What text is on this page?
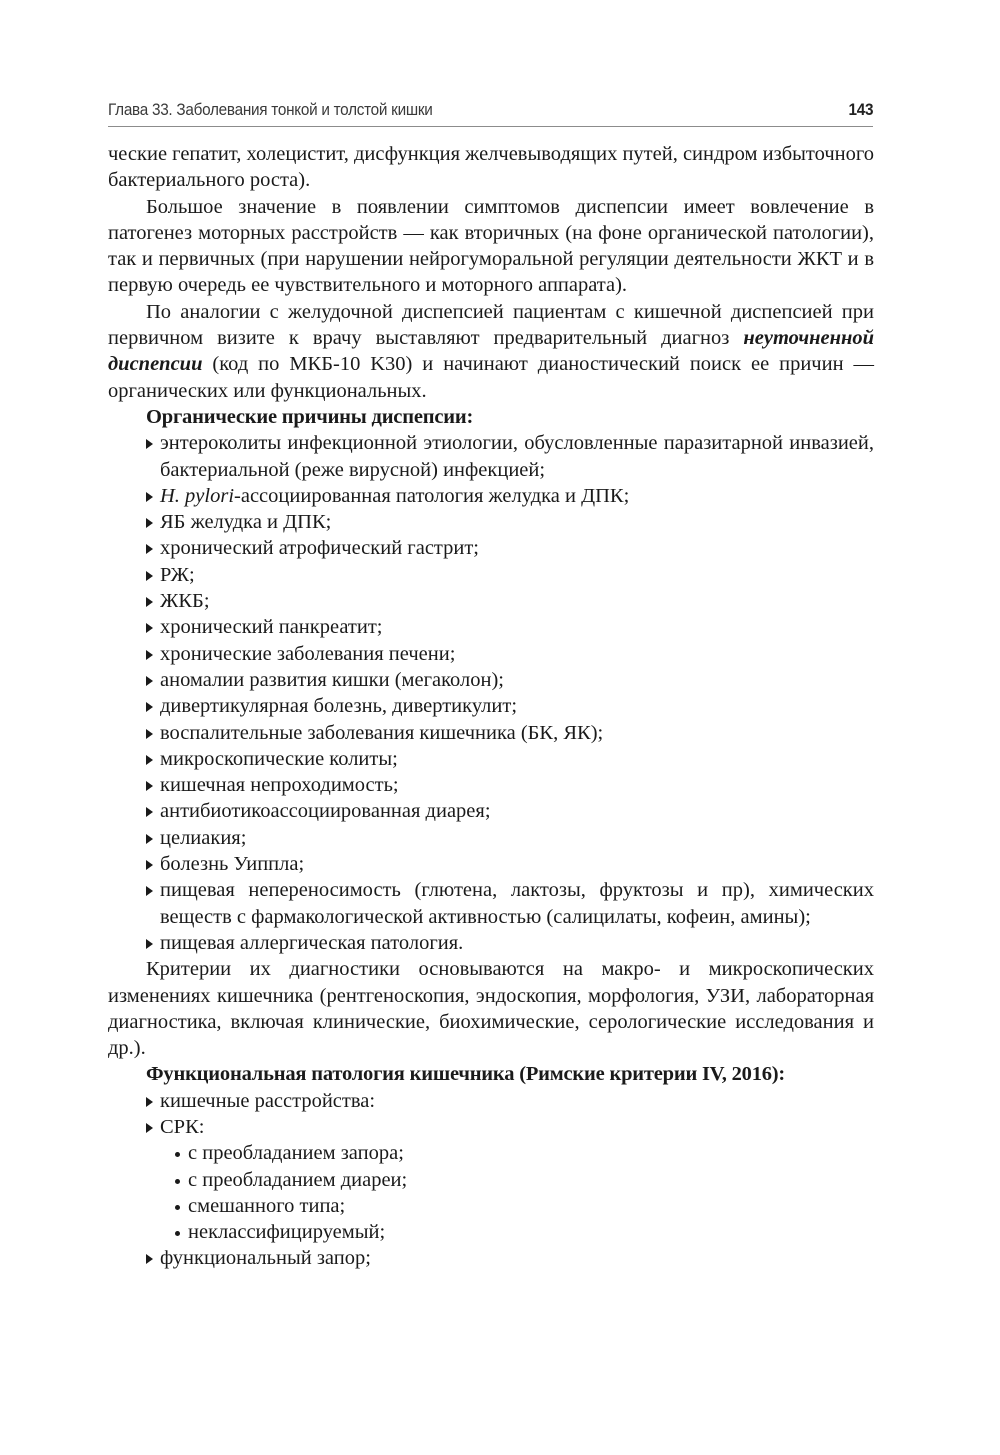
Глава 33. Заболевания тонкой и толстой кишки	143

ческие гепатит, холецистит, дисфункция желчевыводящих путей, синдром избыточного бактериального роста).

Большое значение в появлении симптомов диспепсии имеет вовлечение в патогенез моторных расстройств — как вторичных (на фоне органической патологии), так и первичных (при нарушении нейрогуморальной регуляции деятельности ЖКТ и в первую очередь ее чувствительного и моторного аппарата).

По аналогии с желудочной диспепсией пациентам с кишечной диспепсией при первичном визите к врачу выставляют предварительный диагноз неуточненной диспепсии (код по МКБ-10 K30) и начинают дианостический поиск ее причин — органических или функциональных.

Органические причины диспепсии:

энтероколиты инфекционной этиологии, обусловленные паразитарной инвазией, бактериальной (реже вирусной) инфекцией;
H. pylori-ассоциированная патология желудка и ДПК;
ЯБ желудка и ДПК;
хронический атрофический гастрит;
РЖ;
ЖКБ;
хронический панкреатит;
хронические заболевания печени;
аномалии развития кишки (мегаколон);
дивертикулярная болезнь, дивертикулит;
воспалительные заболевания кишечника (БК, ЯК);
микроскопические колиты;
кишечная непроходимость;
антибиотикоассоциированная диарея;
целиакия;
болезнь Уиппла;
пищевая непереносимость (глютена, лактозы, фруктозы и пр), химических веществ с фармакологической активностью (салицилаты, кофеин, амины);
пищевая аллергическая патология.

Критерии их диагностики основываются на макро- и микроскопических изменениях кишечника (рентгеноскопия, эндоскопия, морфология, УЗИ, лабораторная диагностика, включая клинические, биохимические, серологические исследования и др.).

Функциональная патология кишечника (Римские критерии IV, 2016):

кишечные расстройства:
СРК:
с преобладанием запора;
с преобладанием диареи;
смешанного типа;
неклассифицируемый;
функциональный запор;
